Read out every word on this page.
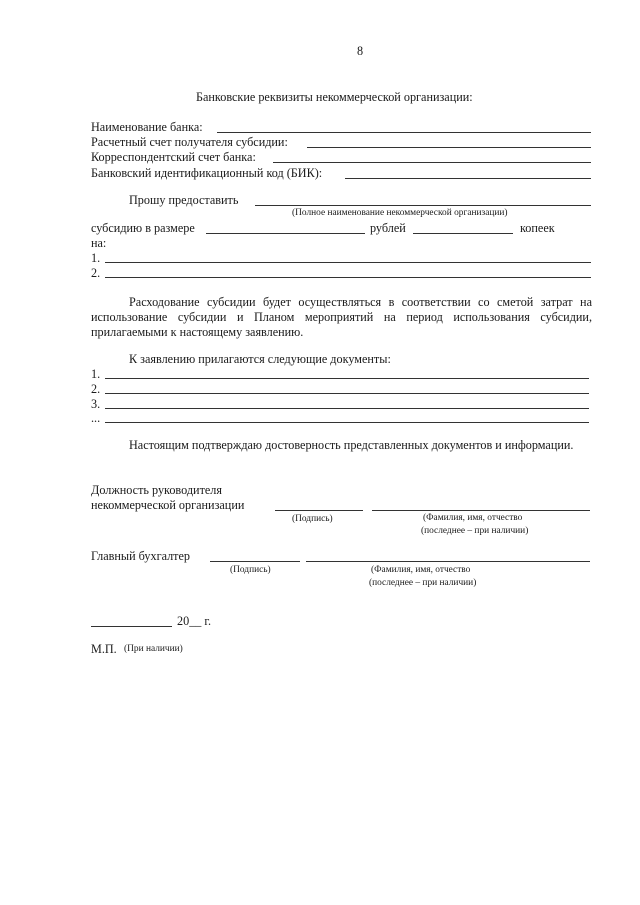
8
Банковские реквизиты некоммерческой организации:
Наименование банка:
Расчетный счет получателя субсидии:
Корреспондентский счет банка:
Банковский идентификационный код (БИК):
Прошу предоставить
(Полное наименование некоммерческой организации)
субсидию в размере	рублей	копеек
на:
1.
2.
Расходование субсидии будет осуществляться в соответствии со сметой затрат на использование субсидии и Планом мероприятий на период использования субсидии, прилагаемыми к настоящему заявлению.
К заявлению прилагаются следующие документы:
1.
2.
3.
...
Настоящим подтверждаю достоверность представленных документов и информации.
Должность руководителя
некоммерческой организации
(Подпись)	(Фамилия, имя, отчество
(последнее – при наличии)
Главный бухгалтер
(Подпись)	(Фамилия, имя, отчество
(последнее – при наличии)
20__ г.
М.П. (При наличии)
